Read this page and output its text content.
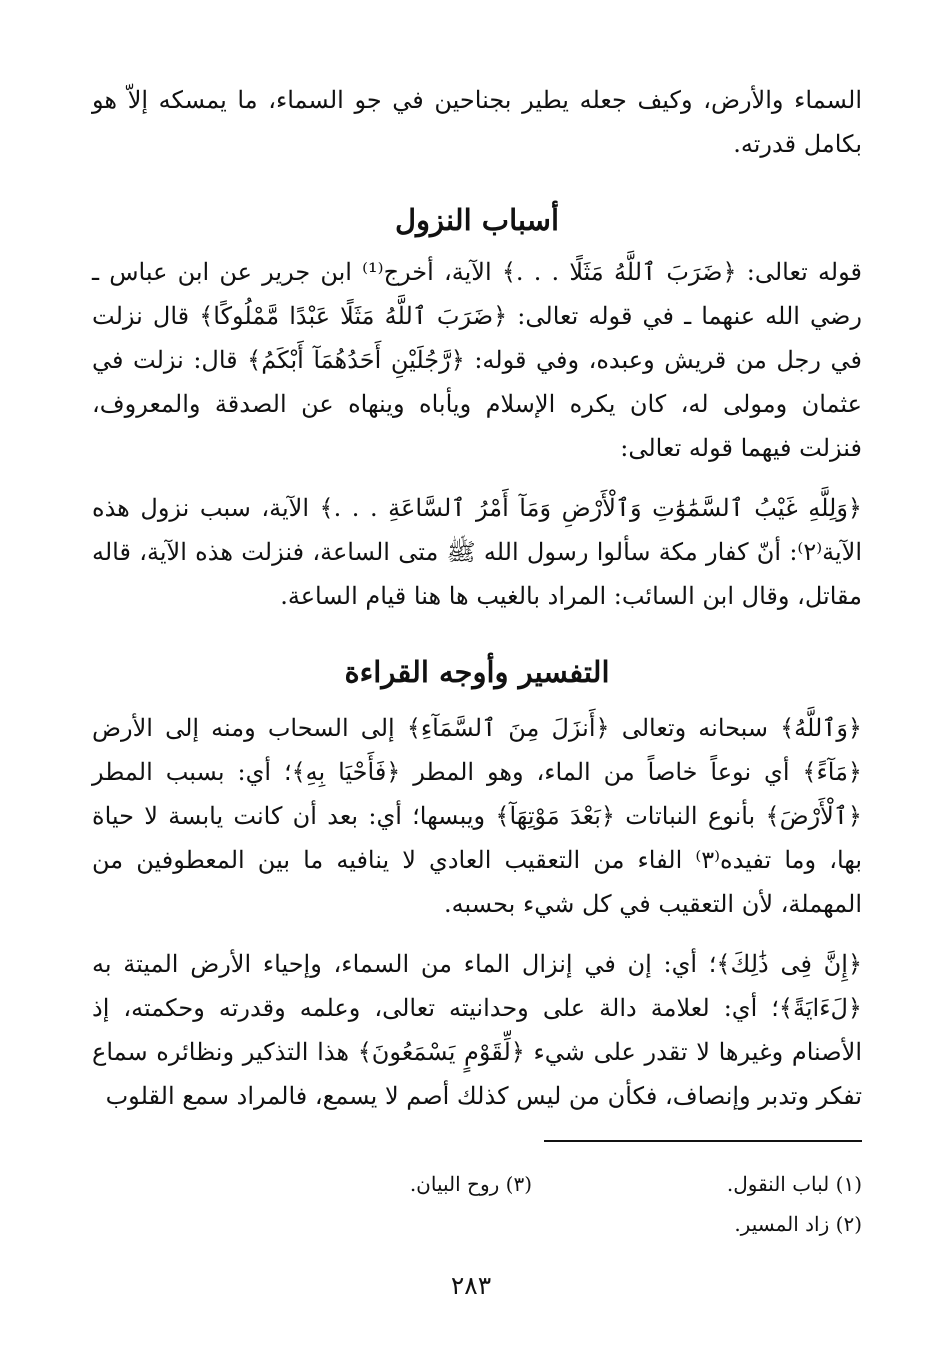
السماء والأرض، وكيف جعله يطير بجناحين في جو السماء، ما يمسكه إلاّ هو بكامل قدرته.

أسباب النزول

قوله تعالى: ﴿ضَرَبَ ٱللَّهُ مَثَلًا . . .﴾ الآية، أخرج⁽¹⁾ ابن جرير عن ابن عباس ـ رضي الله عنهما ـ في قوله تعالى: ﴿ضَرَبَ ٱللَّهُ مَثَلًا عَبْدًا مَّمْلُوكًا﴾ قال نزلت في رجل من قريش وعبده، وفي قوله: ﴿رَّجُلَيْنِ أَحَدُهُمَآ أَبْكَمُ﴾ قال: نزلت في عثمان ومولى له، كان يكره الإسلام ويأباه وينهاه عن الصدقة والمعروف، فنزلت فيهما قوله تعالى:

﴿وَلِلَّهِ غَيْبُ ٱلسَّمَٰوَٰتِ وَٱلْأَرْضِ وَمَآ أَمْرُ ٱلسَّاعَةِ . . .﴾ الآية، سبب نزول هذه الآية⁽٢⁾: أنّ كفار مكة سألوا رسول الله ﷺ متى الساعة، فنزلت هذه الآية، قاله مقاتل، وقال ابن السائب: المراد بالغيب ها هنا قيام الساعة.

التفسير وأوجه القراءة

﴿وَٱللَّهُ﴾ سبحانه وتعالى ﴿أَنزَلَ مِنَ ٱلسَّمَآءِ﴾ إلى السحاب ومنه إلى الأرض ﴿مَآءً﴾ أي نوعاً خاصاً من الماء، وهو المطر ﴿فَأَحْيَا بِهِ﴾؛ أي: بسبب المطر ﴿ٱلْأَرْضَ﴾ بأنوع النباتات ﴿بَعْدَ مَوْتِهَآ﴾ ويبسها؛ أي: بعد أن كانت يابسة لا حياة بها، وما تفيده⁽٣⁾ الفاء من التعقيب العادي لا ينافيه ما بين المعطوفين من المهملة، لأن التعقيب في كل شيء بحسبه.

﴿إِنَّ فِى ذَٰلِكَ﴾؛ أي: إن في إنزال الماء من السماء، وإحياء الأرض الميتة به ﴿لَءَايَةً﴾؛ أي: لعلامة دالة على وحدانيته تعالى، وعلمه وقدرته وحكمته، إذ الأصنام وغيرها لا تقدر على شيء ﴿لِّقَوْمٍ يَسْمَعُونَ﴾ هذا التذكير ونظائره سماع تفكر وتدبر وإنصاف، فكأن من ليس كذلك أصم لا يسمع، فالمراد سمع القلوب

(١) لباب النقول.
(٣) روح البيان.
(٢) زاد المسير.
٢٨٣
